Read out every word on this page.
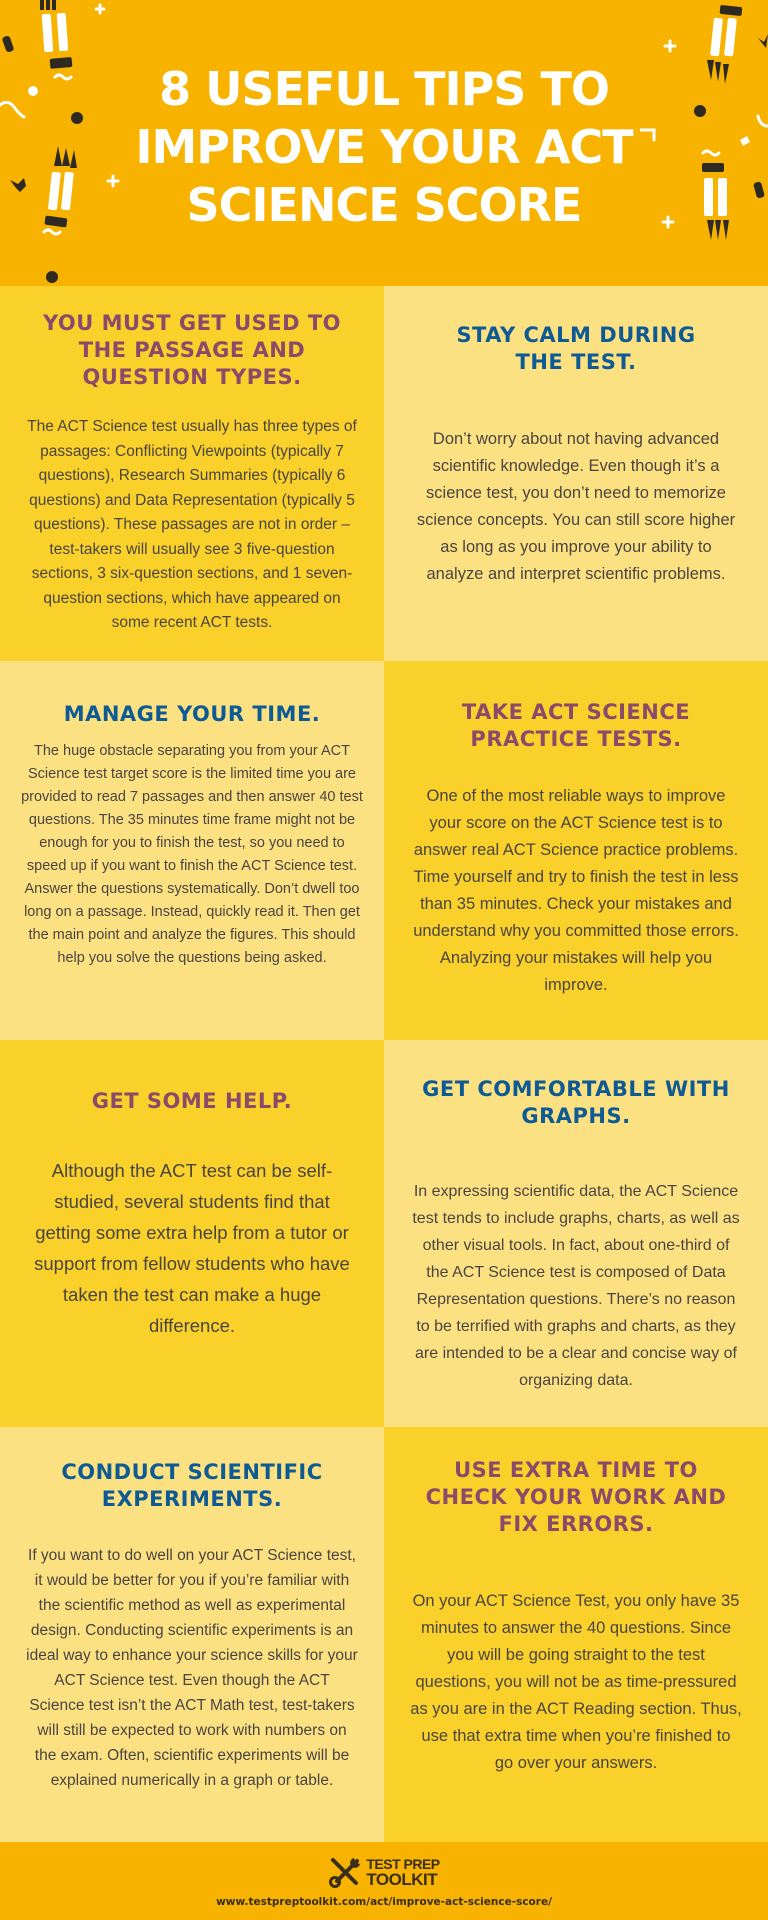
8 USEFUL TIPS TO
IMPROVE YOUR ACT
SCIENCE SCORE
YOU MUST GET USED TO THE PASSAGE AND QUESTION TYPES.

The ACT Science test usually has three types of passages: Conflicting Viewpoints (typically 7 questions), Research Summaries (typically 6 questions) and Data Representation (typically 5 questions). These passages are not in order – test-takers will usually see 3 five-question sections, 3 six-question sections, and 1 seven-question sections, which have appeared on some recent ACT tests.

STAY CALM DURING THE TEST.

Don’t worry about not having advanced scientific knowledge. Even though it’s a science test, you don’t need to memorize science concepts. You can still score higher as long as you improve your ability to analyze and interpret scientific problems.

MANAGE YOUR TIME.

The huge obstacle separating you from your ACT Science test target score is the limited time you are provided to read 7 passages and then answer 40 test questions. The 35 minutes time frame might not be enough for you to finish the test, so you need to speed up if you want to finish the ACT Science test. Answer the questions systematically. Don’t dwell too long on a passage. Instead, quickly read it. Then get the main point and analyze the figures. This should help you solve the questions being asked.

TAKE ACT SCIENCE PRACTICE TESTS.

One of the most reliable ways to improve your score on the ACT Science test is to answer real ACT Science practice problems. Time yourself and try to finish the test in less than 35 minutes. Check your mistakes and understand why you committed those errors. Analyzing your mistakes will help you improve.

GET SOME HELP.

Although the ACT test can be self-studied, several students find that getting some extra help from a tutor or support from fellow students who have taken the test can make a huge difference.

GET COMFORTABLE WITH GRAPHS.

In expressing scientific data, the ACT Science test tends to include graphs, charts, as well as other visual tools. In fact, about one-third of the ACT Science test is composed of Data Representation questions. There’s no reason to be terrified with graphs and charts, as they are intended to be a clear and concise way of organizing data.

CONDUCT SCIENTIFIC EXPERIMENTS.

If you want to do well on your ACT Science test, it would be better for you if you’re familiar with the scientific method as well as experimental design. Conducting scientific experiments is an ideal way to enhance your science skills for your ACT Science test. Even though the ACT Science test isn’t the ACT Math test, test-takers will still be expected to work with numbers on the exam. Often, scientific experiments will be explained numerically in a graph or table.

USE EXTRA TIME TO CHECK YOUR WORK AND FIX ERRORS.

On your ACT Science Test, you only have 35 minutes to answer the 40 questions. Since you will be going straight to the test questions, you will not be as time-pressured as you are in the ACT Reading section. Thus, use that extra time when you’re finished to go over your answers.

TEST PREP
TOOLKIT
www.testpreptoolkit.com/act/improve-act-science-score/
